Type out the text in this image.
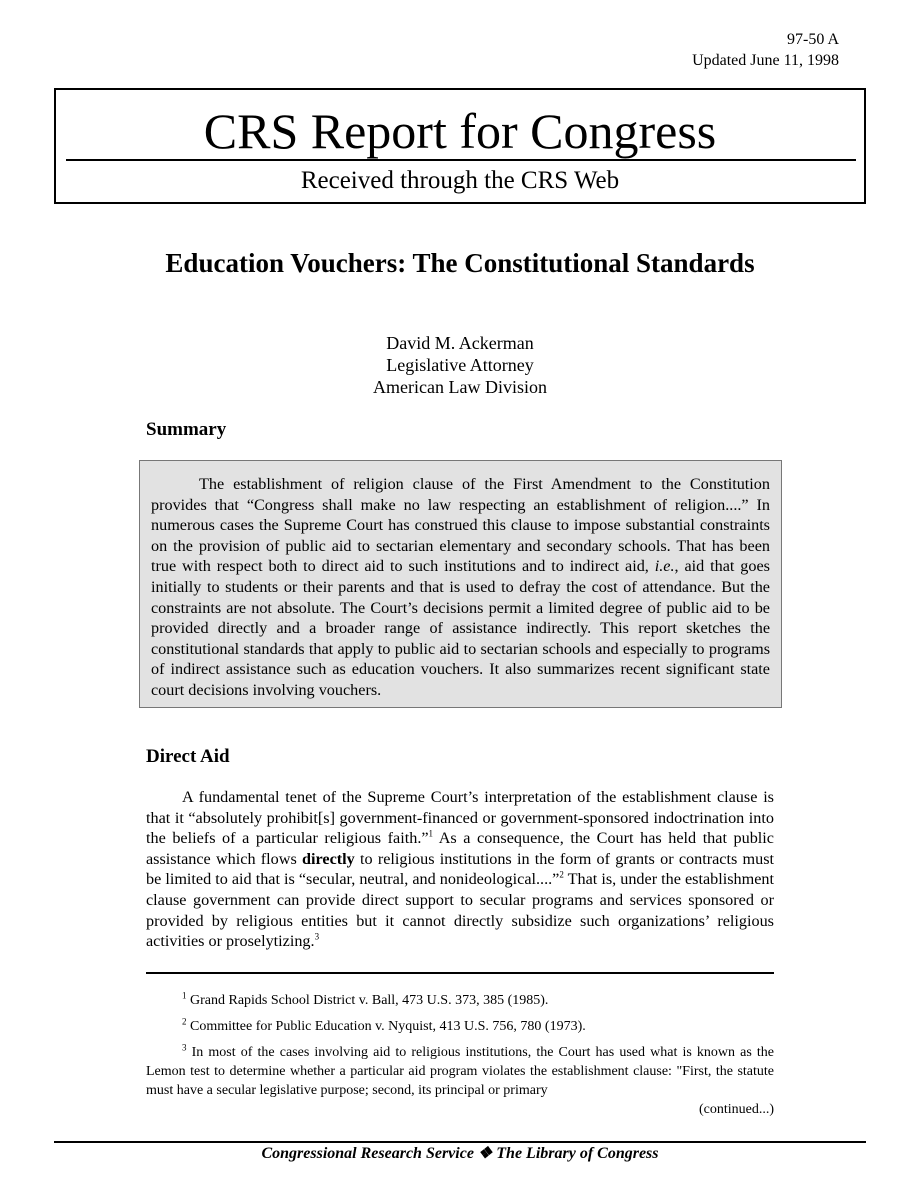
97-50 A
Updated June 11, 1998
CRS Report for Congress
Received through the CRS Web
Education Vouchers: The Constitutional Standards
David M. Ackerman
Legislative Attorney
American Law Division
Summary

The establishment of religion clause of the First Amendment to the Constitution provides that “Congress shall make no law respecting an establishment of religion....” In numerous cases the Supreme Court has construed this clause to impose substantial constraints on the provision of public aid to sectarian elementary and secondary schools. That has been true with respect both to direct aid to such institutions and to indirect aid, i.e., aid that goes initially to students or their parents and that is used to defray the cost of attendance. But the constraints are not absolute. The Court’s decisions permit a limited degree of public aid to be provided directly and a broader range of assistance indirectly. This report sketches the constitutional standards that apply to public aid to sectarian schools and especially to programs of indirect assistance such as education vouchers. It also summarizes recent significant state court decisions involving vouchers.

Direct Aid

A fundamental tenet of the Supreme Court’s interpretation of the establishment clause is that it “absolutely prohibit[s] government-financed or government-sponsored indoctrination into the beliefs of a particular religious faith.”$^1$ As a consequence, the Court has held that public assistance which flows directly to religious institutions in the form of grants or contracts must be limited to aid that is “secular, neutral, and nonideological....”$^2$ That is, under the establishment clause government can provide direct support to secular programs and services sponsored or provided by religious entities but it cannot directly subsidize such organizations’ religious activities or proselytizing.$^3$

$^1$ Grand Rapids School District v. Ball, 473 U.S. 373, 385 (1985).

$^2$ Committee for Public Education v. Nyquist, 413 U.S. 756, 780 (1973).

$^3$ In most of the cases involving aid to religious institutions, the Court has used what is known as the Lemon test to determine whether a particular aid program violates the establishment clause: "First, the statute must have a secular legislative purpose; second, its principal or primary
(continued...)

Congressional Research Service ❖ The Library of Congress
